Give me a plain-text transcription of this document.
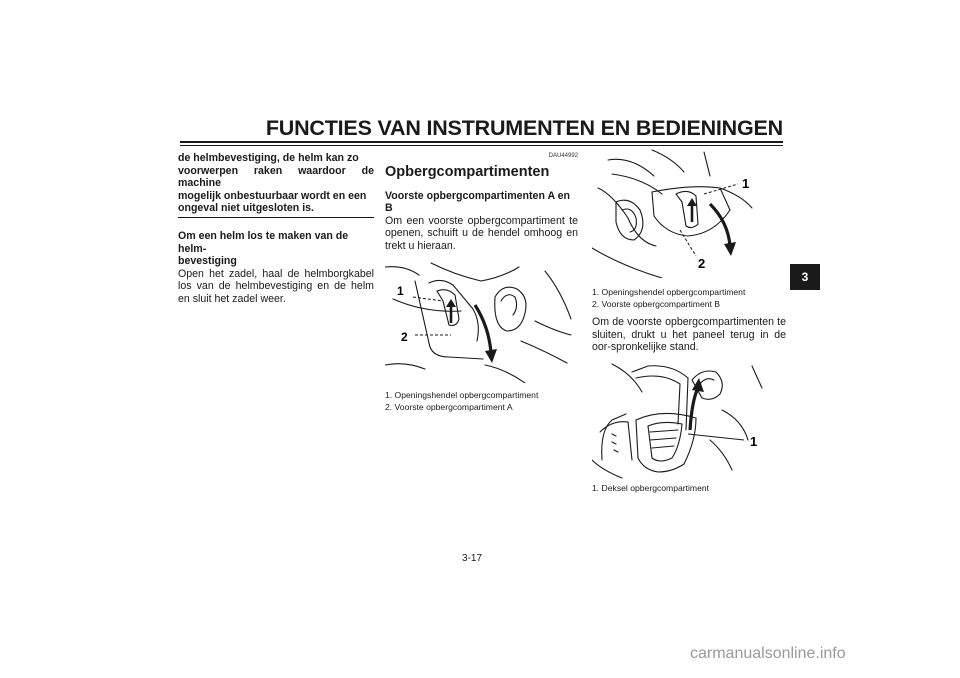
FUNCTIES VAN INSTRUMENTEN EN BEDIENINGEN
de helmbevestiging, de helm kan zo
voorwerpen raken waardoor de machine
mogelijk onbestuurbaar wordt en een
ongeval niet uitgesloten is.
Om een helm los te maken van de helm-
bevestiging
Open het zadel, haal de helmborgkabel los van de helmbevestiging en de helm en sluit het zadel weer.
DAU44992
Opbergcompartimenten
Voorste opbergcompartimenten A en B
Om een voorste opbergcompartiment te openen, schuift u de hendel omhoog en trekt u hieraan.
1
2
1. Openingshendel opbergcompartiment
2. Voorste opbergcompartiment A
1
2
1. Openingshendel opbergcompartiment
2. Voorste opbergcompartiment B
Om de voorste opbergcompartimenten te sluiten, drukt u het paneel terug in de oor-spronkelijke stand.
1
1. Deksel opbergcompartiment
3
3-17
carmanualsonline.info
